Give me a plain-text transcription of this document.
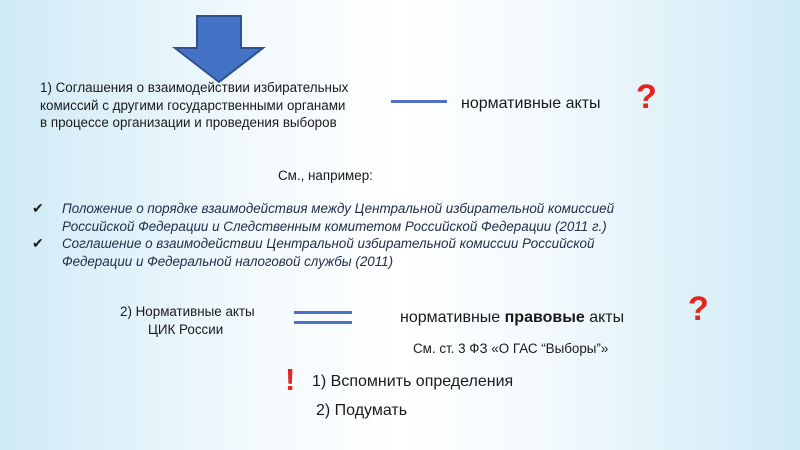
1) Соглашения о взаимодействии избирательных
комиссий с другими государственными органами
в процессе организации и проведения выборов
нормативные акты ?
См., например:
✔ Положение о порядке взаимодействия между Центральной избирательной комиссией
Российской Федерации и Следственным комитетом Российской Федерации (2011 г.)
✔ Соглашение о взаимодействии Центральной избирательной комиссии Российской
Федерации и Федеральной налоговой службы (2011)
2) Нормативные акты
ЦИК России
нормативные правовые акты ?
См. ст. 3 ФЗ «О ГАС “Выборы”»
! 1) Вспомнить определения
2) Подумать
